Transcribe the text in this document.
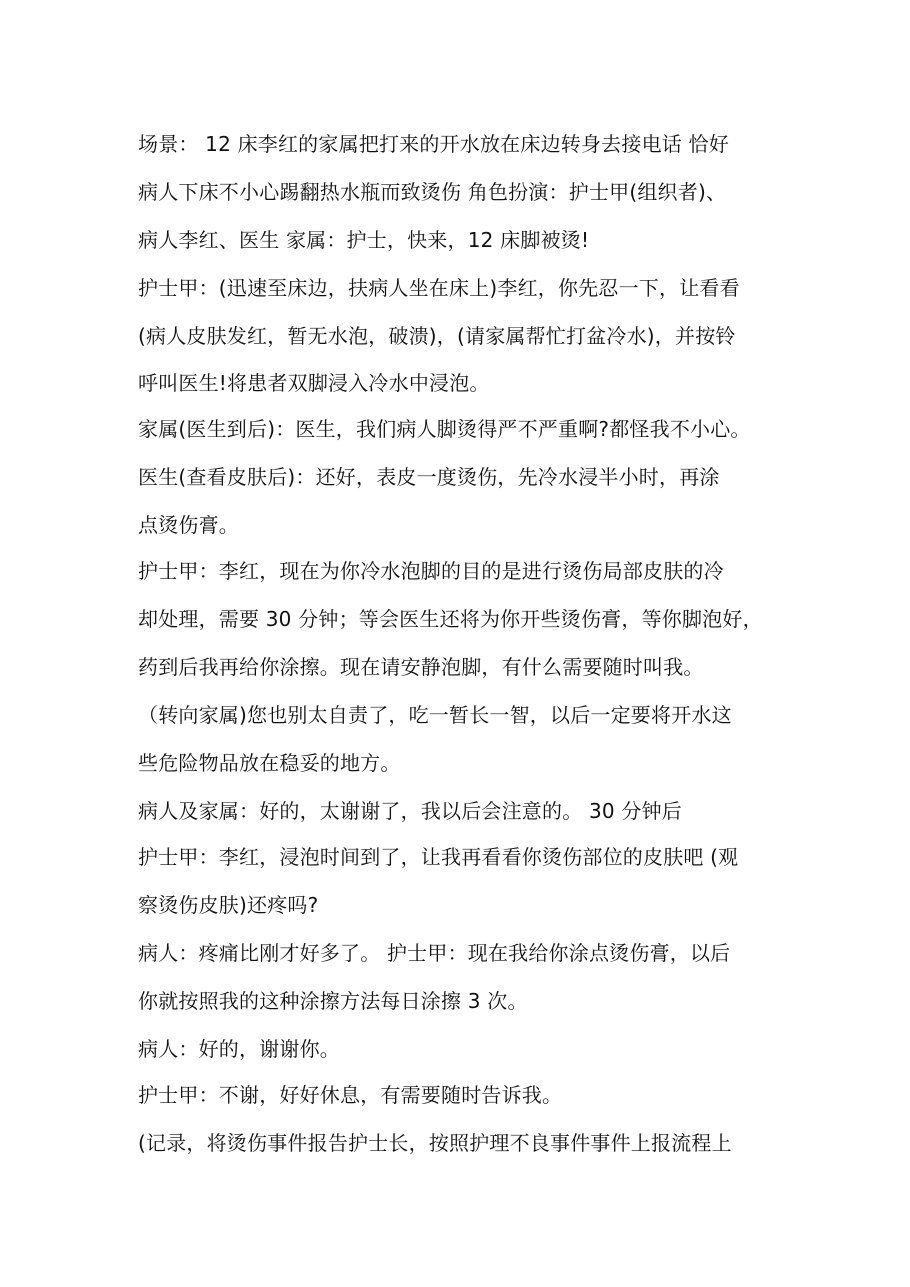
场景： 12 床李红的家属把打来的开水放在床边转身去接电话 恰好
病人下床不小心踢翻热水瓶而致烫伤 角色扮演：护士甲(组织者)、
病人李红、医生 家属：护士，快来，12 床脚被烫!
护士甲：(迅速至床边，扶病人坐在床上)李红，你先忍一下，让看看
(病人皮肤发红，暂无水泡，破溃)，(请家属帮忙打盆冷水)，并按铃
呼叫医生!将患者双脚浸入冷水中浸泡。
家属(医生到后)：医生，我们病人脚烫得严不严重啊?都怪我不小心。
医生(查看皮肤后)：还好，表皮一度烫伤，先冷水浸半小时，再涂
点烫伤膏。
护士甲：李红，现在为你冷水泡脚的目的是进行烫伤局部皮肤的冷
却处理，需要 30 分钟；等会医生还将为你开些烫伤膏，等你脚泡好，
药到后我再给你涂擦。现在请安静泡脚，有什么需要随时叫我。
（转向家属)您也别太自责了，吃一暂长一智，以后一定要将开水这
些危险物品放在稳妥的地方。
病人及家属：好的，太谢谢了，我以后会注意的。 30 分钟后
护士甲：李红，浸泡时间到了，让我再看看你烫伤部位的皮肤吧 (观
察烫伤皮肤)还疼吗?
病人：疼痛比刚才好多了。 护士甲：现在我给你涂点烫伤膏，以后
你就按照我的这种涂擦方法每日涂擦 3 次。
病人：好的，谢谢你。
护士甲：不谢，好好休息，有需要随时告诉我。
(记录，将烫伤事件报告护士长，按照护理不良事件事件上报流程上
